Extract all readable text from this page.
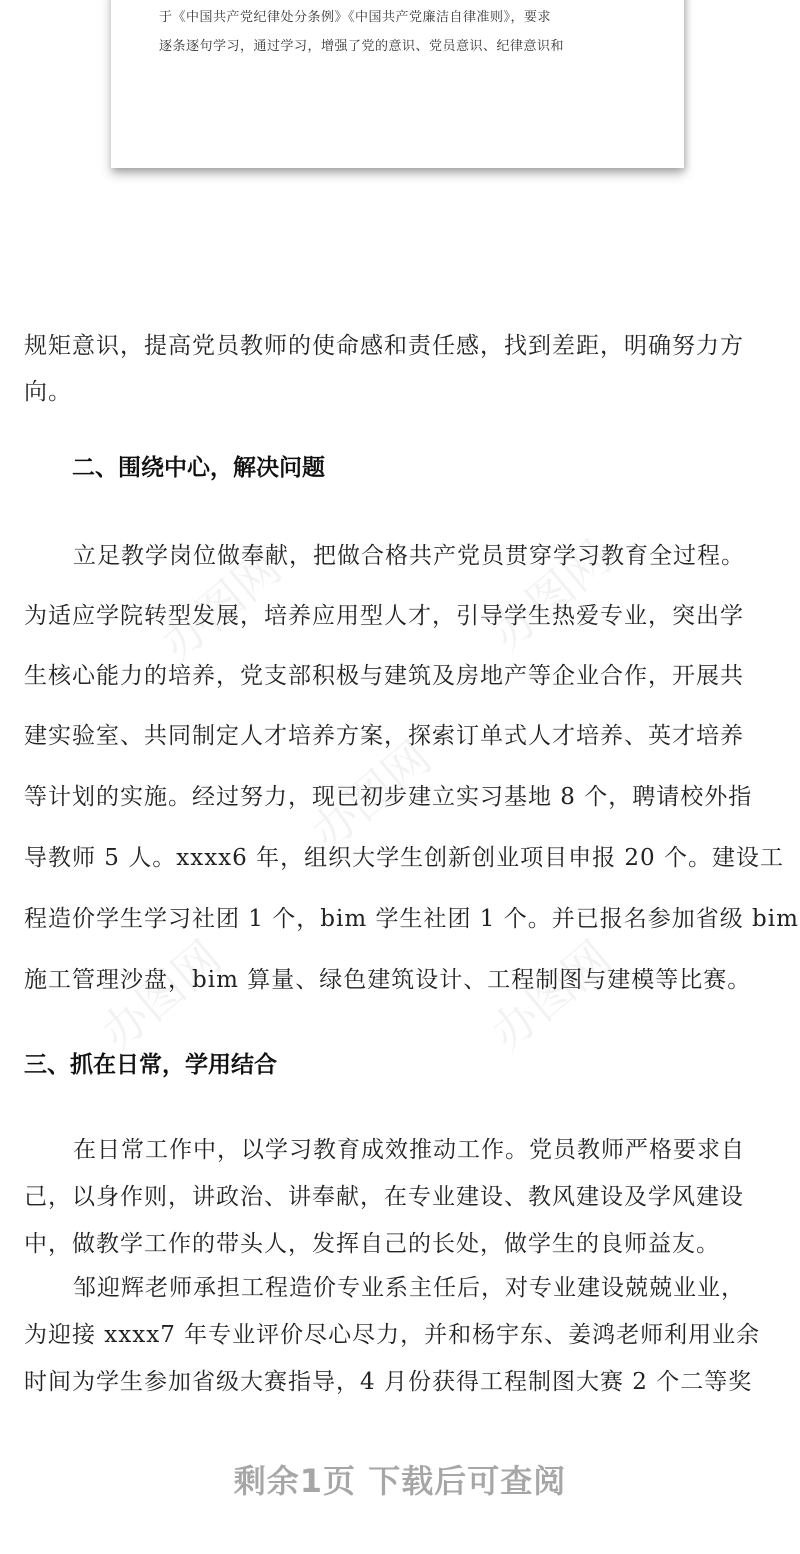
于《中国共产党纪律处分条例》《中国共产党廉洁自律准则》，要求
逐条逐句学习，通过学习，增强了党的意识、党员意识、纪律意识和
办图网	办图网
办图网
办图网	办图网
规矩意识，提高党员教师的使命感和责任感，找到差距，明确努力方
向。
二、围绕中心，解决问题
立足教学岗位做奉献，把做合格共产党员贯穿学习教育全过程。
为适应学院转型发展，培养应用型人才，引导学生热爱专业，突出学
生核心能力的培养，党支部积极与建筑及房地产等企业合作，开展共
建实验室、共同制定人才培养方案，探索订单式人才培养、英才培养
等计划的实施。经过努力，现已初步建立实习基地 8 个，聘请校外指
导教师 5 人。xxxx6 年，组织大学生创新创业项目申报 20 个。建设工
程造价学生学习社团 1 个，bim 学生社团 1 个。并已报名参加省级 bim
施工管理沙盘，bim 算量、绿色建筑设计、工程制图与建模等比赛。
三、抓在日常，学用结合
在日常工作中，以学习教育成效推动工作。党员教师严格要求自
己，以身作则，讲政治、讲奉献，在专业建设、教风建设及学风建设
中，做教学工作的带头人，发挥自己的长处，做学生的良师益友。
邹迎辉老师承担工程造价专业系主任后，对专业建设兢兢业业，
为迎接 xxxx7 年专业评价尽心尽力，并和杨宇东、姜鸿老师利用业余
时间为学生参加省级大赛指导，4 月份获得工程制图大赛 2 个二等奖
剩余1页 下载后可查阅
